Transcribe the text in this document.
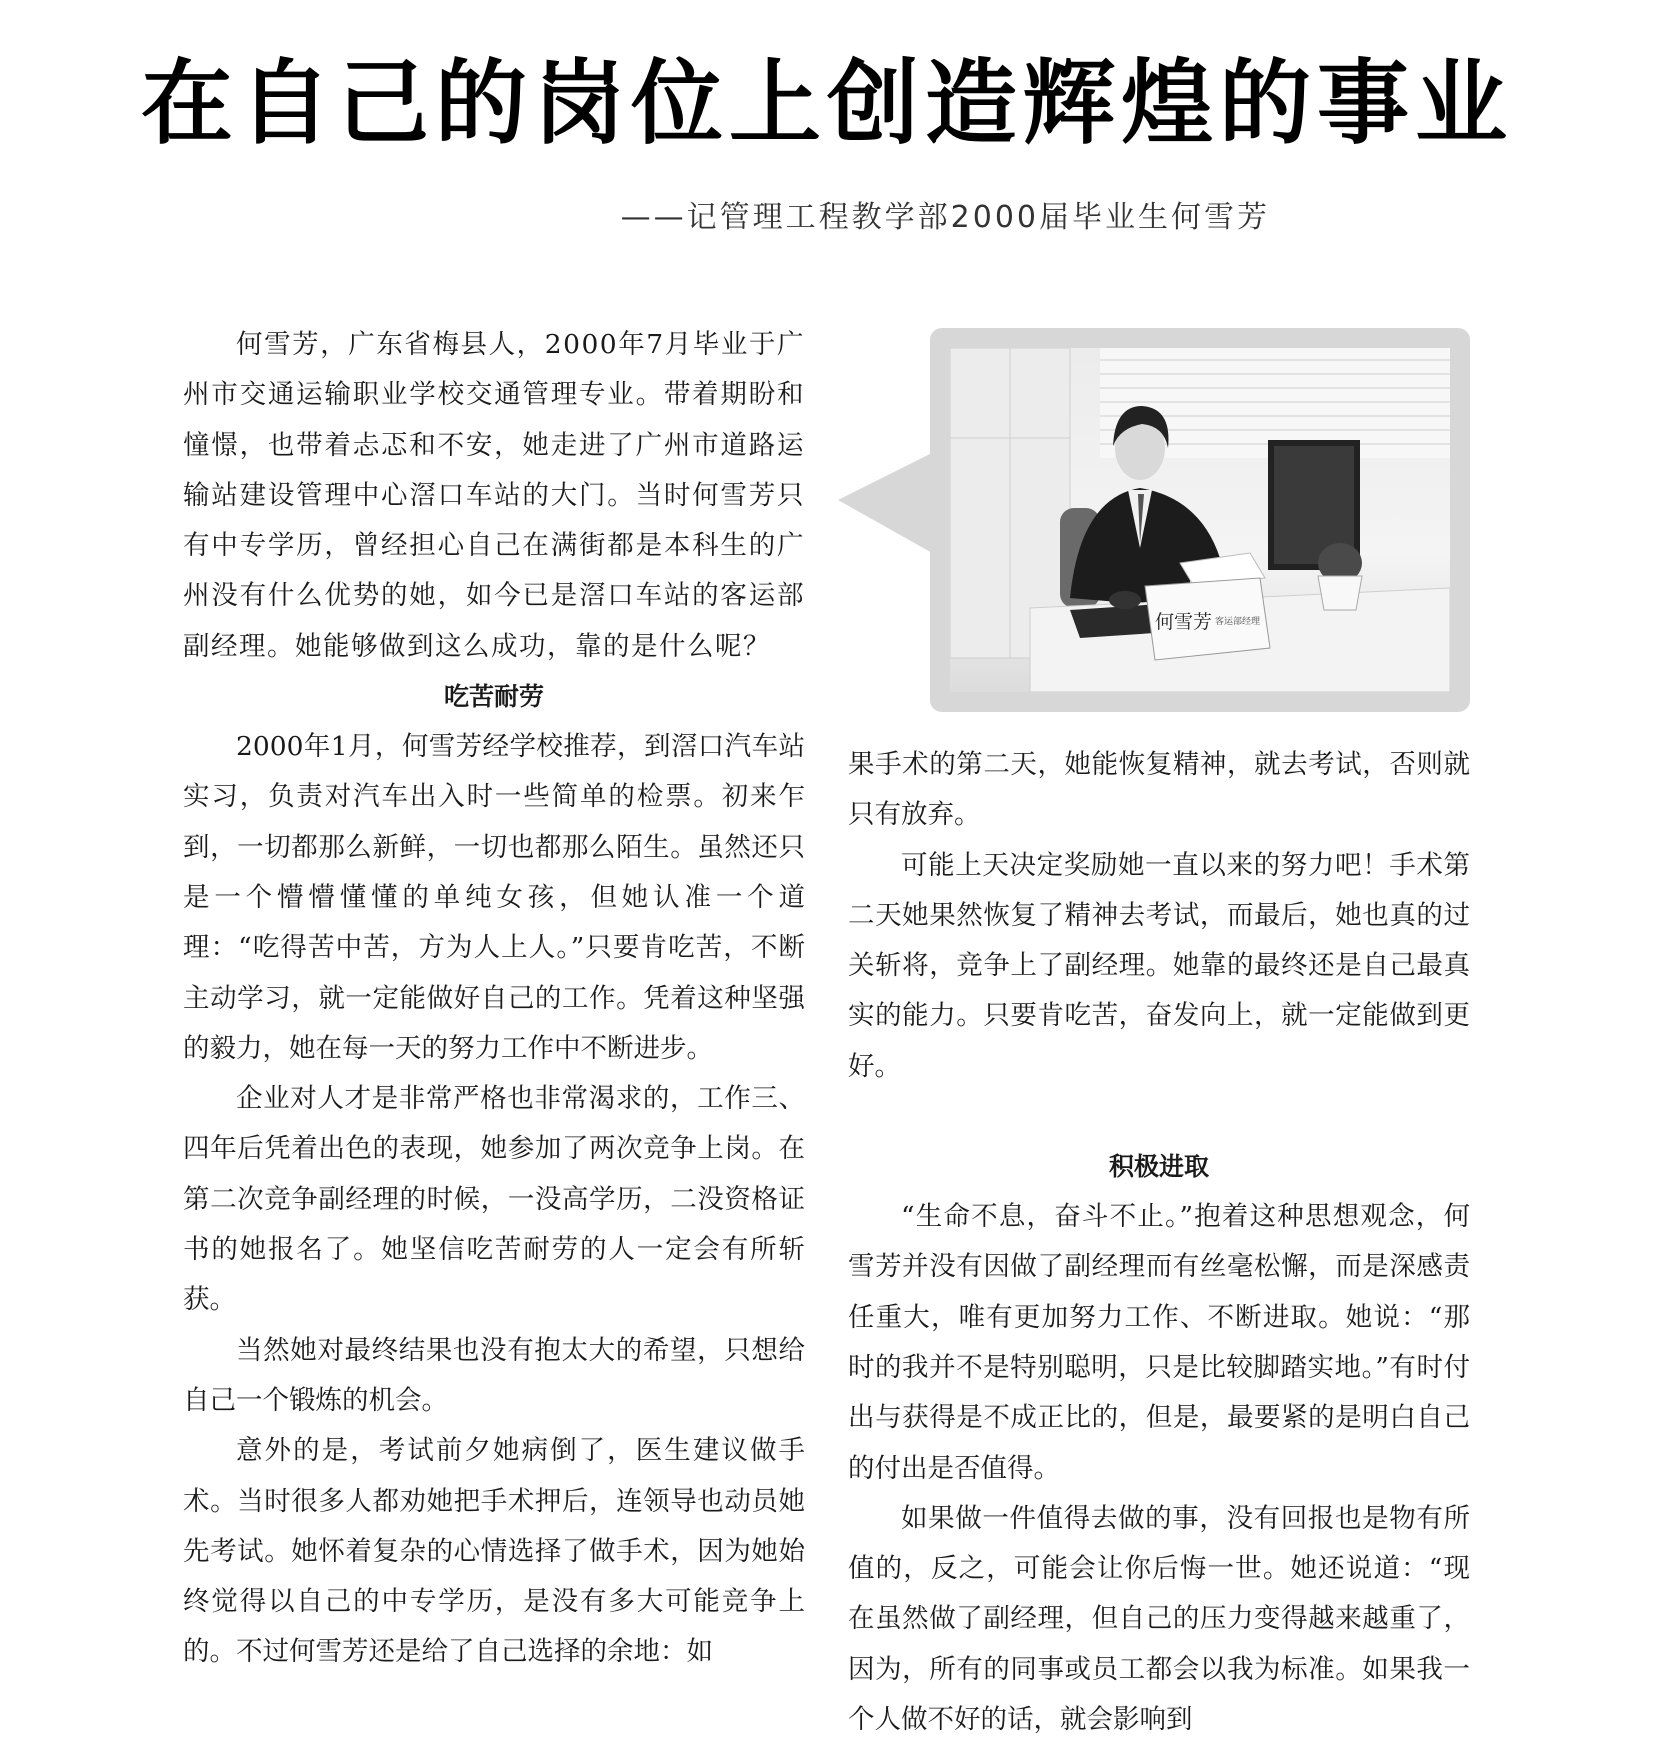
在自己的岗位上创造辉煌的事业
——记管理工程教学部2000届毕业生何雪芳

何雪芳，广东省梅县人，2000年7月毕业于广州市交通运输职业学校交通管理专业。带着期盼和憧憬，也带着忐忑和不安，她走进了广州市道路运输站建设管理中心滘口车站的大门。当时何雪芳只有中专学历，曾经担心自己在满街都是本科生的广州没有什么优势的她，如今已是滘口车站的客运部副经理。她能够做到这么成功，靠的是什么呢？

吃苦耐劳

2000年1月，何雪芳经学校推荐，到滘口汽车站实习，负责对汽车出入时一些简单的检票。初来乍到，一切都那么新鲜，一切也都那么陌生。虽然还只是一个懵懵懂懂的单纯女孩，但她认准一个道理：“吃得苦中苦，方为人上人。”只要肯吃苦，不断主动学习，就一定能做好自己的工作。凭着这种坚强的毅力，她在每一天的努力工作中不断进步。

企业对人才是非常严格也非常渴求的，工作三、四年后凭着出色的表现，她参加了两次竞争上岗。在第二次竞争副经理的时候，一没高学历，二没资格证书的她报名了。她坚信吃苦耐劳的人一定会有所斩获。

当然她对最终结果也没有抱太大的希望，只想给自己一个锻炼的机会。

意外的是，考试前夕她病倒了，医生建议做手术。当时很多人都劝她把手术押后，连领导也动员她先考试。她怀着复杂的心情选择了做手术，因为她始终觉得以自己的中专学历，是没有多大可能竞争上的。不过何雪芳还是给了自己选择的余地：如

何雪芳 客运部经理

果手术的第二天，她能恢复精神，就去考试，否则就只有放弃。

可能上天决定奖励她一直以来的努力吧！手术第二天她果然恢复了精神去考试，而最后，她也真的过关斩将，竞争上了副经理。她靠的最终还是自己最真实的能力。只要肯吃苦，奋发向上，就一定能做到更好。

积极进取

“生命不息，奋斗不止。”抱着这种思想观念，何雪芳并没有因做了副经理而有丝毫松懈，而是深感责任重大，唯有更加努力工作、不断进取。她说：“那时的我并不是特别聪明，只是比较脚踏实地。”有时付出与获得是不成正比的，但是，最要紧的是明白自己的付出是否值得。

如果做一件值得去做的事，没有回报也是物有所值的，反之，可能会让你后悔一世。她还说道：“现在虽然做了副经理，但自己的压力变得越来越重了，因为，所有的同事或员工都会以我为标准。如果我一个人做不好的话，就会影响到
